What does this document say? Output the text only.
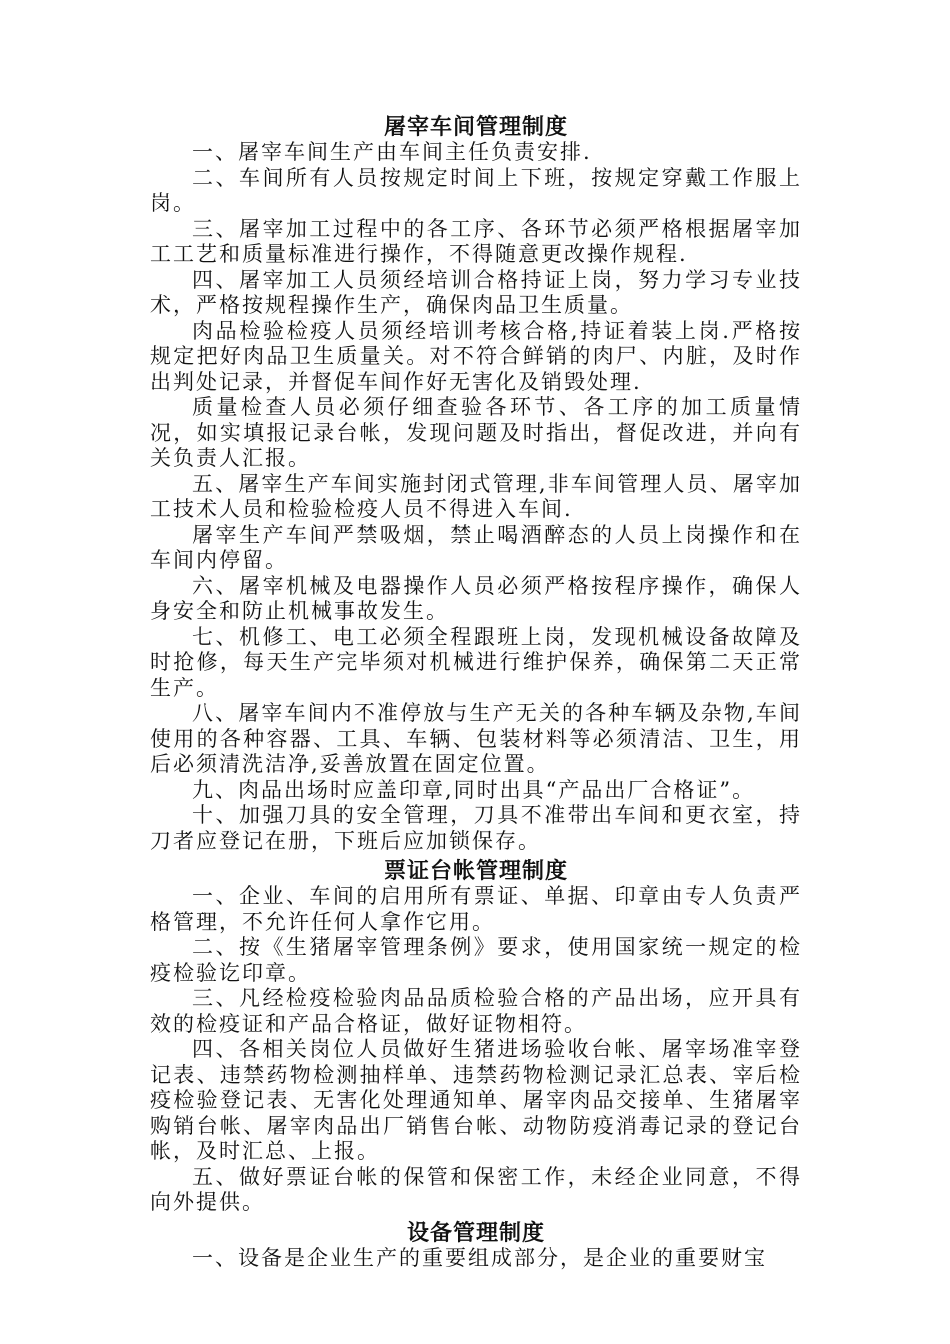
屠宰车间管理制度

一、屠宰车间生产由车间主任负责安排.

二、车间所有人员按规定时间上下班，按规定穿戴工作服上岗。

三、屠宰加工过程中的各工序、各环节必须严格根据屠宰加工工艺和质量标准进行操作，不得随意更改操作规程.

四、屠宰加工人员须经培训合格持证上岗，努力学习专业技术，严格按规程操作生产，确保肉品卫生质量。

肉品检验检疫人员须经培训考核合格,持证着装上岗.严格按规定把好肉品卫生质量关。对不符合鲜销的肉尸、内脏，及时作出判处记录，并督促车间作好无害化及销毁处理.

质量检查人员必须仔细查验各环节、各工序的加工质量情况，如实填报记录台帐，发现问题及时指出，督促改进，并向有关负责人汇报。

五、屠宰生产车间实施封闭式管理,非车间管理人员、屠宰加工技术人员和检验检疫人员不得进入车间.

屠宰生产车间严禁吸烟，禁止喝酒醉态的人员上岗操作和在车间内停留。

六、屠宰机械及电器操作人员必须严格按程序操作，确保人身安全和防止机械事故发生。

七、机修工、电工必须全程跟班上岗，发现机械设备故障及时抢修，每天生产完毕须对机械进行维护保养，确保第二天正常生产。

八、屠宰车间内不准停放与生产无关的各种车辆及杂物,车间使用的各种容器、工具、车辆、包装材料等必须清洁、卫生，用后必须清洗洁净,妥善放置在固定位置。

九、肉品出场时应盖印章,同时出具“产品出厂合格证”。

十、加强刀具的安全管理，刀具不准带出车间和更衣室，持刀者应登记在册，下班后应加锁保存。

票证台帐管理制度

一、企业、车间的启用所有票证、单据、印章由专人负责严格管理，不允许任何人拿作它用。

二、按《生猪屠宰管理条例》要求，使用国家统一规定的检疫检验讫印章。

三、凡经检疫检验肉品品质检验合格的产品出场，应开具有效的检疫证和产品合格证，做好证物相符。

四、各相关岗位人员做好生猪进场验收台帐、屠宰场准宰登记表、违禁药物检测抽样单、违禁药物检测记录汇总表、宰后检疫检验登记表、无害化处理通知单、屠宰肉品交接单、生猪屠宰购销台帐、屠宰肉品出厂销售台帐、动物防疫消毒记录的登记台帐，及时汇总、上报。

五、做好票证台帐的保管和保密工作，未经企业同意，不得向外提供。

设备管理制度

一、设备是企业生产的重要组成部分，是企业的重要财宝
